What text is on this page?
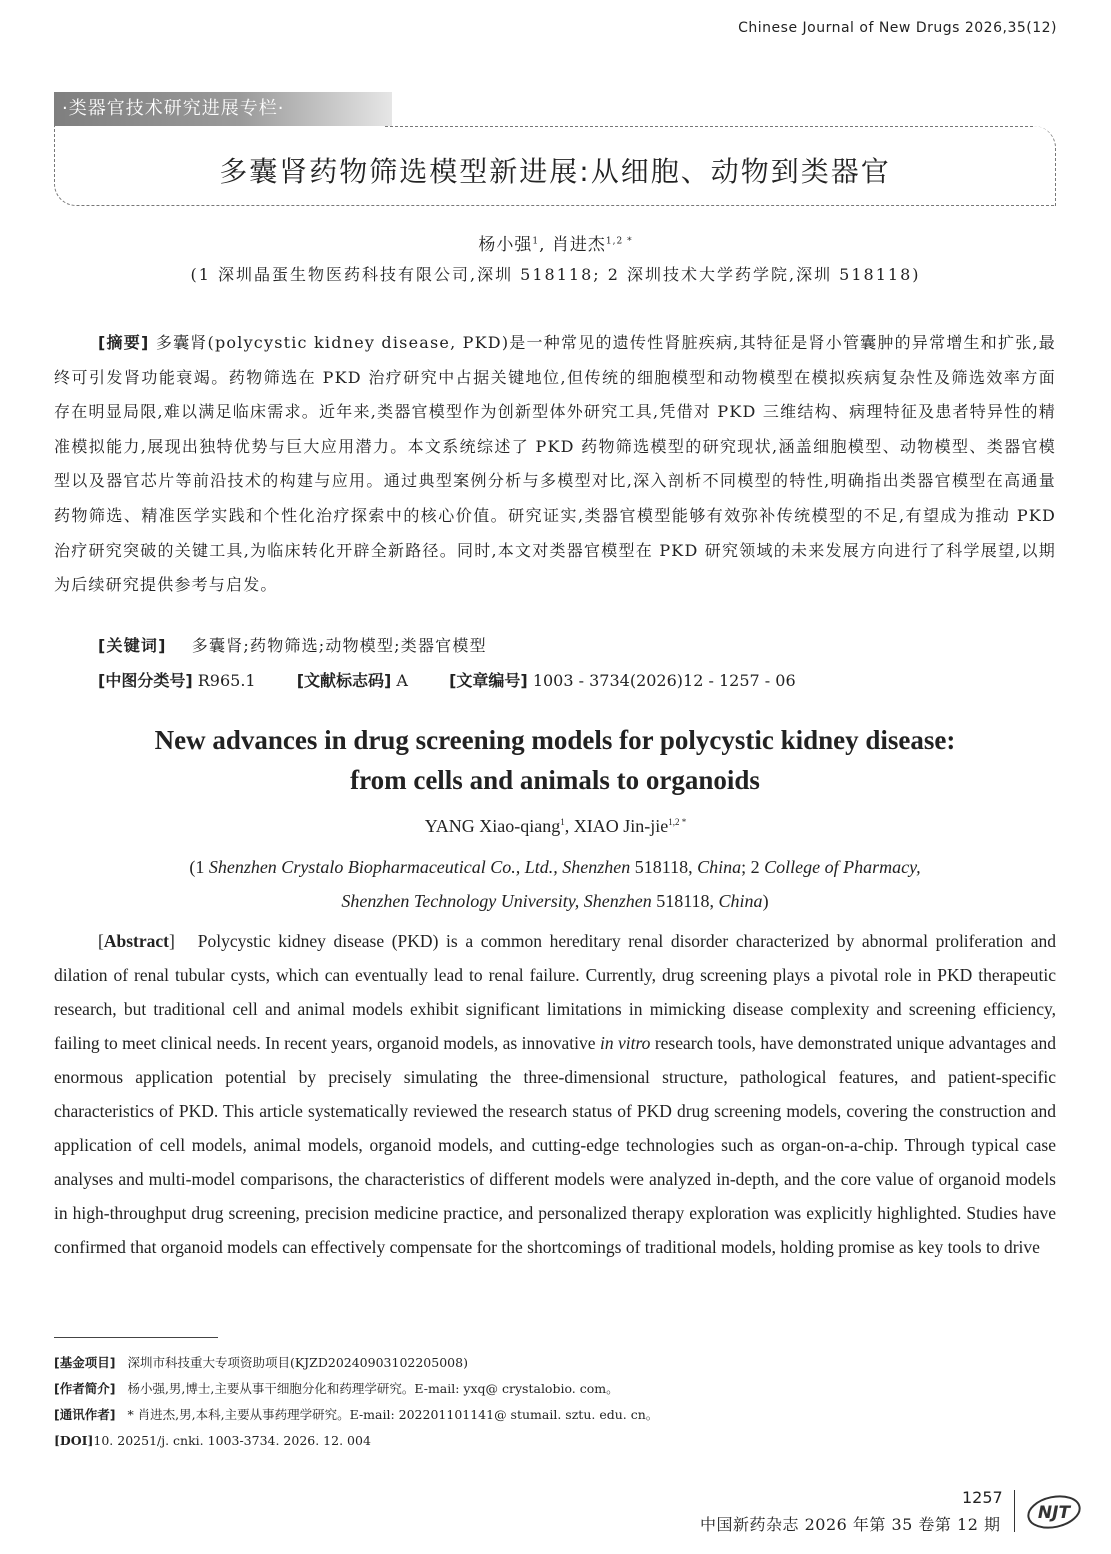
Chinese Journal of New Drugs 2026,35(12)
·类器官技术研究进展专栏·
多囊肾药物筛选模型新进展:从细胞、动物到类器官
杨小强$^1$, 肖进杰$^{1,2 *}$
(1 深圳晶蛋生物医药科技有限公司,深圳 518118; 2 深圳技术大学药学院,深圳 518118)

[摘要] 多囊肾(polycystic kidney disease, PKD)是一种常见的遗传性肾脏疾病,其特征是肾小管囊肿的异常增生和扩张,最终可引发肾功能衰竭。药物筛选在 PKD 治疗研究中占据关键地位,但传统的细胞模型和动物模型在模拟疾病复杂性及筛选效率方面存在明显局限,难以满足临床需求。近年来,类器官模型作为创新型体外研究工具,凭借对 PKD 三维结构、病理特征及患者特异性的精准模拟能力,展现出独特优势与巨大应用潜力。本文系统综述了 PKD 药物筛选模型的研究现状,涵盖细胞模型、动物模型、类器官模型以及器官芯片等前沿技术的构建与应用。通过典型案例分析与多模型对比,深入剖析不同模型的特性,明确指出类器官模型在高通量药物筛选、精准医学实践和个性化治疗探索中的核心价值。研究证实,类器官模型能够有效弥补传统模型的不足,有望成为推动 PKD 治疗研究突破的关键工具,为临床转化开辟全新路径。同时,本文对类器官模型在 PKD 研究领域的未来发展方向进行了科学展望,以期为后续研究提供参考与启发。

[关键词] 多囊肾;药物筛选;动物模型;类器官模型
[中图分类号] R965.1	[文献标志码] A	[文章编号] 1003 - 3734(2026)12 - 1257 - 06
New advances in drug screening models for polycystic kidney disease:
from cells and animals to organoids
YANG Xiao-qiang$^1$, XIAO Jin-jie$^{1,2 *}$

(1 Shenzhen Crystalo Biopharmaceutical Co., Ltd., Shenzhen 518118, China; 2 College of Pharmacy,
Shenzhen Technology University, Shenzhen 518118, China)

[Abstract]   Polycystic kidney disease (PKD) is a common hereditary renal disorder characterized by abnormal proliferation and dilation of renal tubular cysts, which can eventually lead to renal failure. Currently, drug screening plays a pivotal role in PKD therapeutic research, but traditional cell and animal models exhibit significant limitations in mimicking disease complexity and screening efficiency, failing to meet clinical needs. In recent years, organoid models, as innovative in vitro research tools, have demonstrated unique advantages and enormous application potential by precisely simulating the three-dimensional structure, pathological features, and patient-specific characteristics of PKD. This article systematically reviewed the research status of PKD drug screening models, covering the construction and application of cell models, animal models, organoid models, and cutting-edge technologies such as organ-on-a-chip. Through typical case analyses and multi-model comparisons, the characteristics of different models were analyzed in-depth, and the core value of organoid models in high-throughput drug screening, precision medicine practice, and personalized therapy exploration was explicitly highlighted. Studies have confirmed that organoid models can effectively compensate for the shortcomings of traditional models, holding promise as key tools to drive

[基金项目] 深圳市科技重大专项资助项目(KJZD20240903102205008)
[作者简介] 杨小强,男,博士,主要从事干细胞分化和药理学研究。E-mail: yxq@ crystalobio. com。
[通讯作者] * 肖进杰,男,本科,主要从事药理学研究。E-mail: 202201101141@ stumail. sztu. edu. cn。
[DOI]10. 20251/j. cnki. 1003-3734. 2026. 12. 004
1257
中国新药杂志 2026 年第 35 卷第 12 期
NJT
